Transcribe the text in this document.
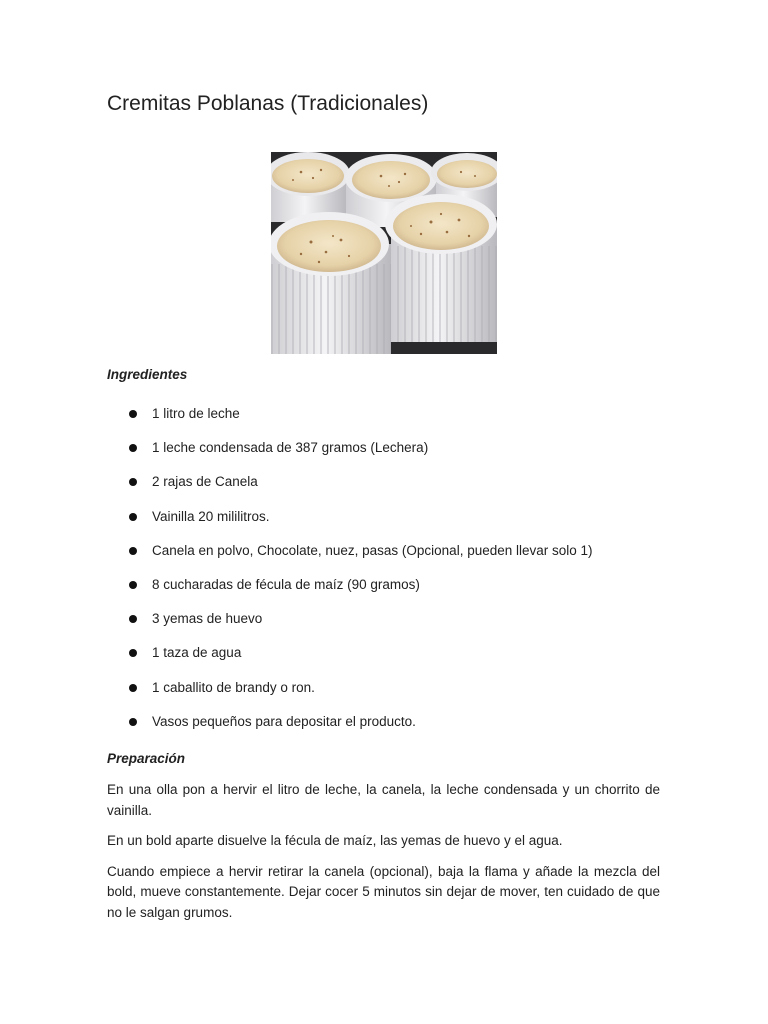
Cremitas Poblanas (Tradicionales)
Ingredientes
1 litro de leche
1 leche condensada de 387 gramos (Lechera)
2 rajas de Canela
Vainilla 20 mililitros.
Canela en polvo, Chocolate, nuez, pasas (Opcional, pueden llevar solo 1)
8 cucharadas de fécula de maíz (90 gramos)
3 yemas de huevo
1 taza de agua
1 caballito de brandy o ron.
Vasos pequeños para depositar el producto.
Preparación

En una olla pon a hervir el litro de leche, la canela, la leche condensada y un chorrito de vainilla.

En un bold aparte disuelve la fécula de maíz, las yemas de huevo y el agua.

Cuando empiece a hervir retirar la canela (opcional), baja la flama y añade la mezcla del bold, mueve constantemente. Dejar cocer 5 minutos sin dejar de mover, ten cuidado de que no le salgan grumos.
